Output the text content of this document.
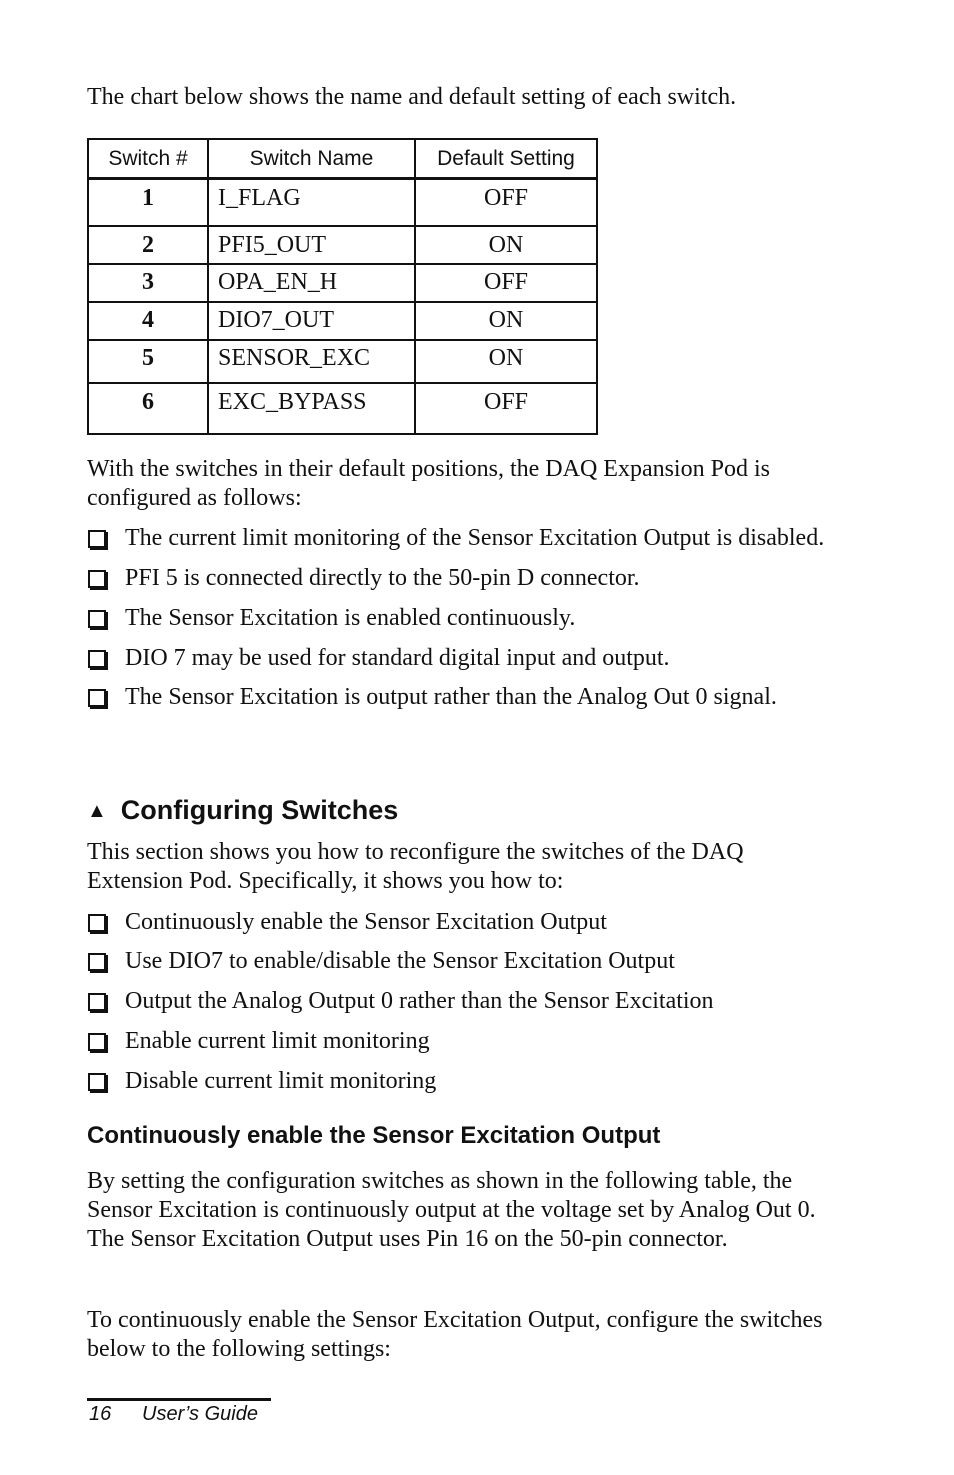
The chart below shows the name and default setting of each switch.

Switch #	Switch Name	Default Setting
1	I_FLAG	OFF
2	PFI5_OUT	ON
3	OPA_EN_H	OFF
4	DIO7_OUT	ON
5	SENSOR_EXC	ON
6	EXC_BYPASS	OFF

With the switches in their default positions, the DAQ Expansion Pod is configured as follows:

The current limit monitoring of the Sensor Excitation Output is disabled.
PFI 5 is connected directly to the 50-pin D connector.
The Sensor Excitation is enabled continuously.
DIO 7 may be used for standard digital input and output.
The Sensor Excitation is output rather than the Analog Out 0 signal.
▲ Configuring Switches

This section shows you how to reconfigure the switches of the DAQ Extension Pod. Specifically, it shows you how to:

Continuously enable the Sensor Excitation Output
Use DIO7 to enable/disable the Sensor Excitation Output
Output the Analog Output 0 rather than the Sensor Excitation
Enable current limit monitoring
Disable current limit monitoring
Continuously enable the Sensor Excitation Output

By setting the configuration switches as shown in the following table, the Sensor Excitation is continuously output at the voltage set by Analog Out 0. The Sensor Excitation Output uses Pin 16 on the 50-pin connector.

To continuously enable the Sensor Excitation Output, configure the switches below to the following settings:

16 User’s Guide
